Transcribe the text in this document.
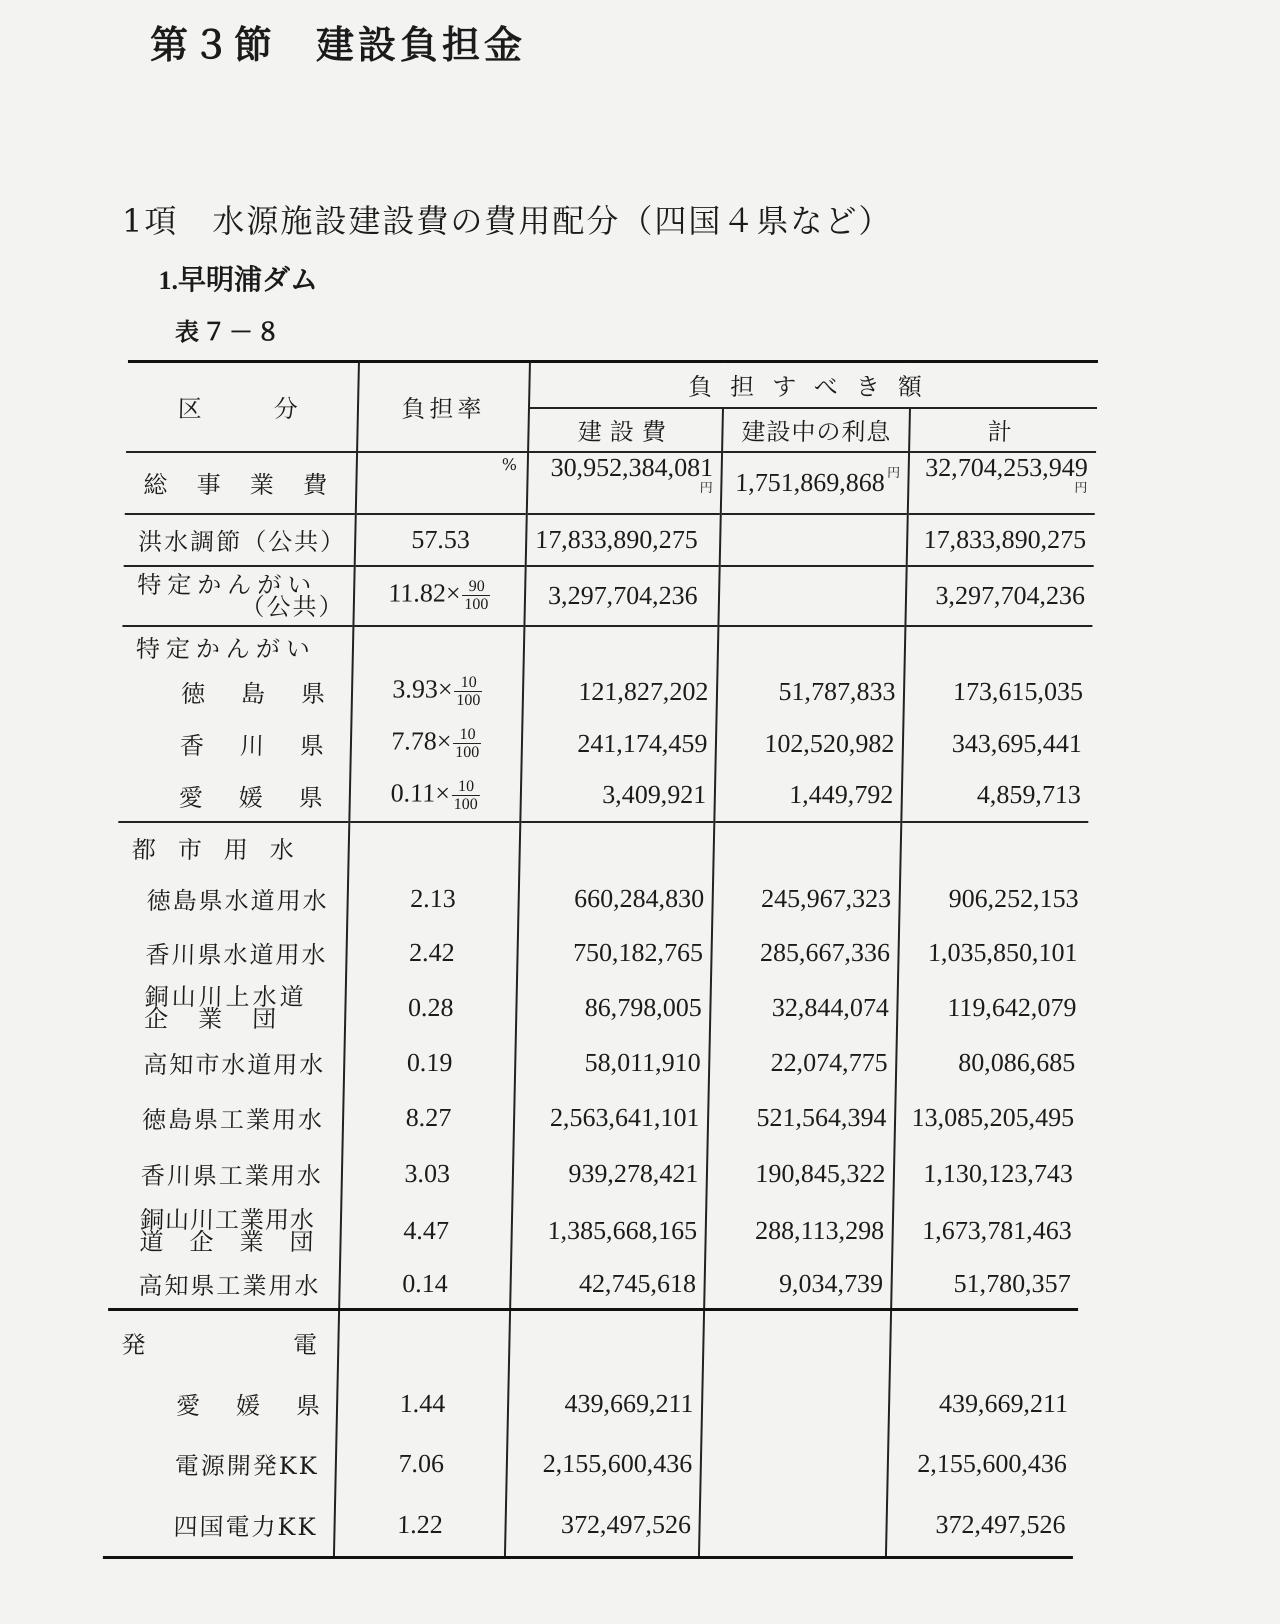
第３節 建設負担金
1項　水源施設建設費の費用配分（四国４県など）
1.早明浦ダム
表７－８
区　　分	負担率	負担すべき額		
		建設費	建設中の利息	計
総事業費	%	$30,952,384,081^円$	1,751,869,868 $^円$	$32,704,253,949^円$
洪水調節（公共）	57.53	17,833,890,275		17,833,890,275

特定かんがい
（公共）	$11.82\times \frac{90}{100}$	3,297,704,236		3,297,704,236
特定かんがい				
徳　島　県	$3.93\times \frac{10}{100}$	121,827,202	51,787,833	173,615,035
香　川　県	$7.78\times \frac{10}{100}$	241,174,459	102,520,982	343,695,441
愛　媛　県	$0.11\times \frac{10}{100}$	3,409,921	1,449,792	4,859,713
都市用水				
徳島県水道用水	2.13	660,284,830	245,967,323	906,252,153
香川県水道用水	2.42	750,182,765	285,667,336	1,035,850,101

銅山川上水道
企　業　団	0.28	86,798,005	32,844,074	119,642,079
高知市水道用水	0.19	58,011,910	22,074,775	80,086,685
徳島県工業用水	8.27	2,563,641,101	521,564,394	13,085,205,495
香川県工業用水	3.03	939,278,421	190,845,322	1,130,123,743

銅山川工業用水
道　企　業　団	4.47	1,385,668,165	288,113,298	1,673,781,463
高知県工業用水	0.14	42,745,618	9,034,739	51,780,357
発　　　　電				
愛　媛　県	1.44	439,669,211		439,669,211
電源開発KK	7.06	2,155,600,436		2,155,600,436
四国電力KK	1.22	372,497,526		372,497,526
